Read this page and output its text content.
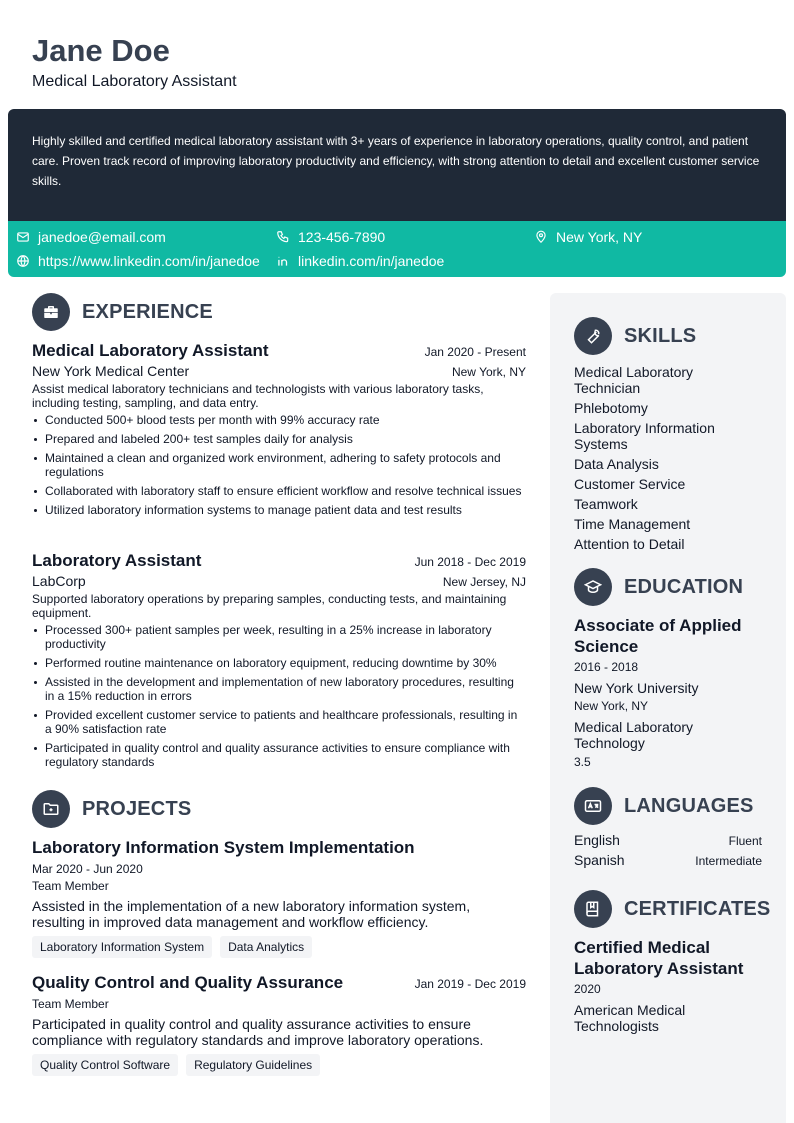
Jane Doe
Medical Laboratory Assistant

Highly skilled and certified medical laboratory assistant with 3+ years of experience in laboratory operations, quality control, and patient care. Proven track record of improving laboratory productivity and efficiency, with strong attention to detail and excellent customer service skills.

janedoe@email.com	123-456-7890	New York, NY
https://www.linkedin.com/in/janedoe	linkedin.com/in/janedoe
EXPERIENCE
Medical Laboratory Assistant	Jan 2020 - Present
New York Medical Center	New York, NY
Assist medical laboratory technicians and technologists with various laboratory tasks, including testing, sampling, and data entry.
Conducted 500+ blood tests per month with 99% accuracy rate
Prepared and labeled 200+ test samples daily for analysis
Maintained a clean and organized work environment, adhering to safety protocols and regulations
Collaborated with laboratory staff to ensure efficient workflow and resolve technical issues
Utilized laboratory information systems to manage patient data and test results
Laboratory Assistant	Jun 2018 - Dec 2019
LabCorp	New Jersey, NJ
Supported laboratory operations by preparing samples, conducting tests, and maintaining equipment.
Processed 300+ patient samples per week, resulting in a 25% increase in laboratory productivity
Performed routine maintenance on laboratory equipment, reducing downtime by 30%
Assisted in the development and implementation of new laboratory procedures, resulting in a 15% reduction in errors
Provided excellent customer service to patients and healthcare professionals, resulting in a 90% satisfaction rate
Participated in quality control and quality assurance activities to ensure compliance with regulatory standards
PROJECTS
Laboratory Information System Implementation
Mar 2020 - Jun 2020
Team Member
Assisted in the implementation of a new laboratory information system, resulting in improved data management and workflow efficiency.
Laboratory Information System	Data Analytics
Quality Control and Quality Assurance	Jan 2019 - Dec 2019
Team Member
Participated in quality control and quality assurance activities to ensure compliance with regulatory standards and improve laboratory operations.
Quality Control Software	Regulatory Guidelines
SKILLS
Medical Laboratory Technician
Phlebotomy
Laboratory Information Systems
Data Analysis
Customer Service
Teamwork
Time Management
Attention to Detail
EDUCATION
Associate of Applied Science
2016 - 2018
New York University
New York, NY
Medical Laboratory Technology
3.5
LANGUAGES
English	Fluent
Spanish	Intermediate
CERTIFICATES
Certified Medical Laboratory Assistant
2020
American Medical Technologists
